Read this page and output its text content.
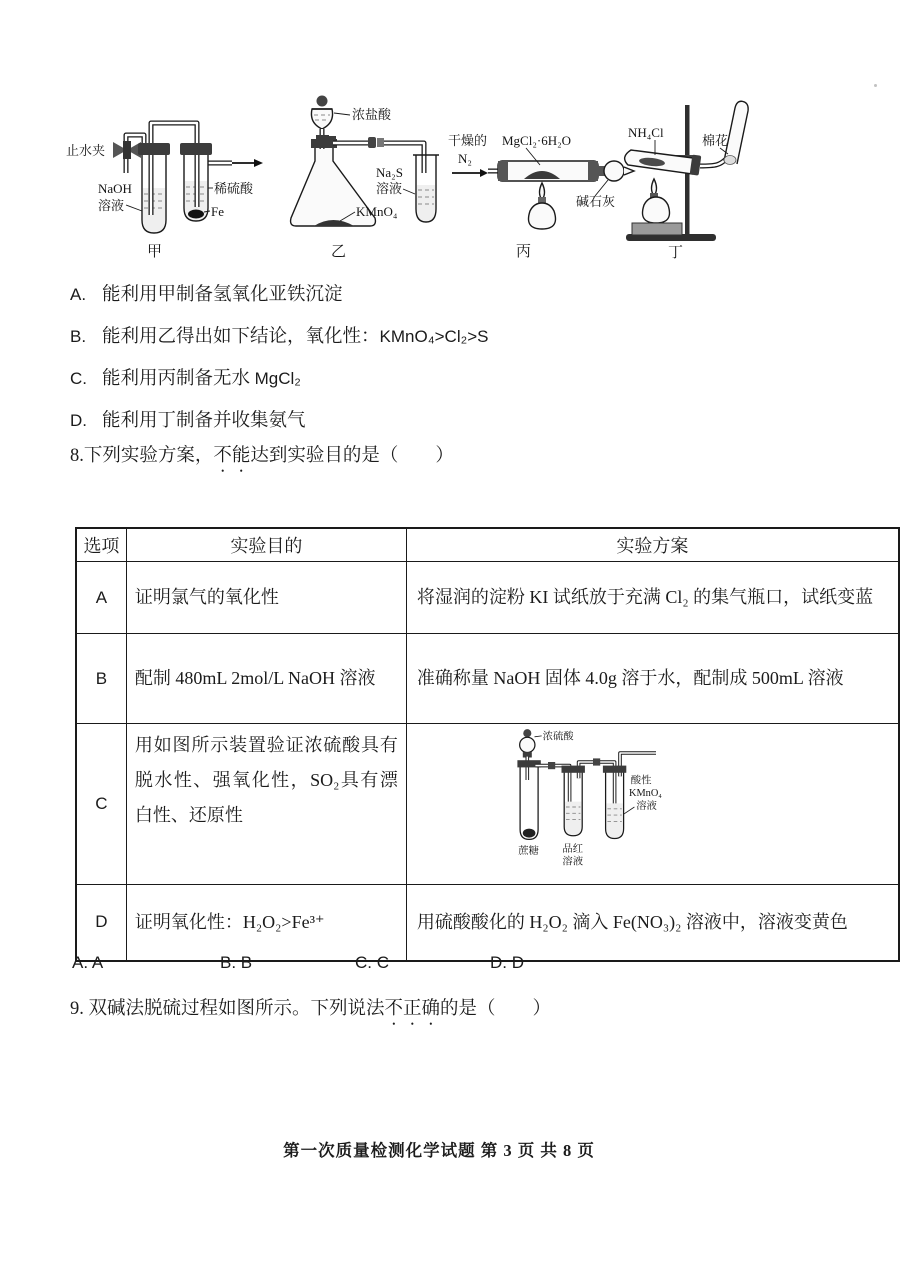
止水夹
NaOH
溶液
稀硫酸
Fe
甲
浓盐酸
Na₂S
溶液
KMnO₄
乙
干燥的
N₂
MgCl₂·6H₂O
碱石灰
丙
NH₄Cl
棉花
丁
A. 能利用甲制备氢氧化亚铁沉淀
B. 能利用乙得出如下结论，氧化性：KMnO₄>Cl₂>S
C. 能利用丙制备无水 MgCl₂
D. 能利用丁制备并收集氨气
8.下列实验方案，不能达到实验目的是（　　）
选项	实验目的	实验方案
A	证明氯气的氧化性	将湿润的淀粉 KI 试纸放于充满 Cl₂ 的集气瓶口，试纸变蓝
B	配制 480mL 2mol/L NaOH 溶液	准确称量 NaOH 固体 4.0g 溶于水，配制成 500mL 溶液
C	用如图所示装置验证浓硫酸具有脱水性、强氧化性，SO₂具有漂白性、还原性	
浓硫酸
蔗糖 品红
溶液
酸性
KMnO₄
溶液

D	证明氧化性：H₂O₂>Fe³⁺	用硫酸酸化的 H₂O₂ 滴入 Fe(NO₃)₂ 溶液中，溶液变黄色
A. A	B. B	C. C	D. D
9. 双碱法脱硫过程如图所示。下列说法不正确的是（　　）
第一次质量检测化学试题 第 3 页 共 8 页
